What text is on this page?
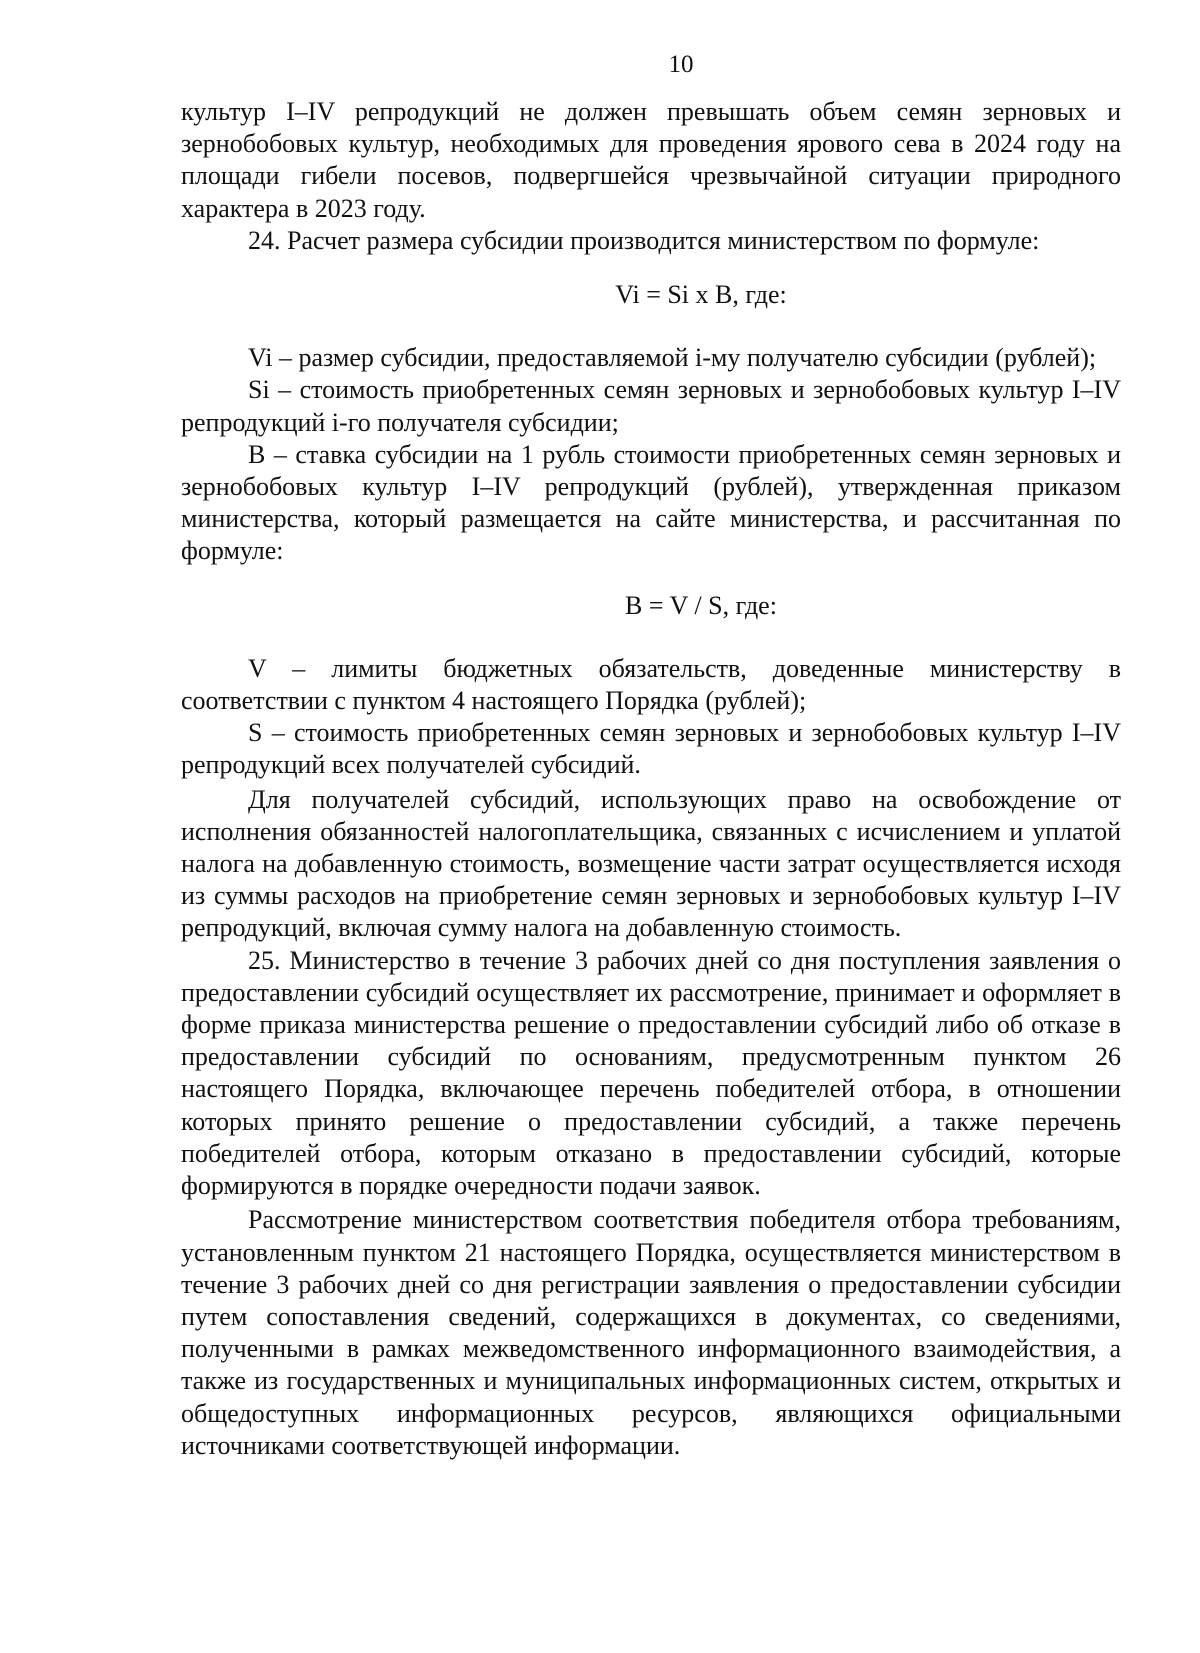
10

культур I–IV репродукций не должен превышать объем семян зерновых и зернобобовых культур, необходимых для проведения ярового сева в 2024 году на площади гибели посевов, подвергшейся чрезвычайной ситуации природного характера в 2023 году.

24. Расчет размера субсидии производится министерством по формуле:

Vi = Si x B, где:

Vi – размер субсидии, предоставляемой i-му получателю субсидии (рублей);

Si – стоимость приобретенных семян зерновых и зернобобовых культур I–IV репродукций i-го получателя субсидии;

B – ставка субсидии на 1 рубль стоимости приобретенных семян зерновых и зернобобовых культур I–IV репродукций (рублей), утвержденная приказом министерства, который размещается на сайте министерства, и рассчитанная по формуле:

B = V / S, где:

V – лимиты бюджетных обязательств, доведенные министерству в соответствии с пунктом 4 настоящего Порядка (рублей);

S – стоимость приобретенных семян зерновых и зернобобовых культур I–IV репродукций всех получателей субсидий.

Для получателей субсидий, использующих право на освобождение от исполнения обязанностей налогоплательщика, связанных с исчислением и уплатой налога на добавленную стоимость, возмещение части затрат осуществляется исходя из суммы расходов на приобретение семян зерновых и зернобобовых культур I–IV репродукций, включая сумму налога на добавленную стоимость.

25. Министерство в течение 3 рабочих дней со дня поступления заявления о предоставлении субсидий осуществляет их рассмотрение, принимает и оформляет в форме приказа министерства решение о предоставлении субсидий либо об отказе в предоставлении субсидий по основаниям, предусмотренным пунктом 26 настоящего Порядка, включающее перечень победителей отбора, в отношении которых принято решение о предоставлении субсидий, а также перечень победителей отбора, которым отказано в предоставлении субсидий, которые формируются в порядке очередности подачи заявок.

Рассмотрение министерством соответствия победителя отбора требованиям, установленным пунктом 21 настоящего Порядка, осуществляется министерством в течение 3 рабочих дней со дня регистрации заявления о предоставлении субсидии путем сопоставления сведений, содержащихся в документах, со сведениями, полученными в рамках межведомственного информационного взаимодействия, а также из государственных и муниципальных информационных систем, открытых и общедоступных информационных ресурсов, являющихся официальными источниками соответствующей информации.
